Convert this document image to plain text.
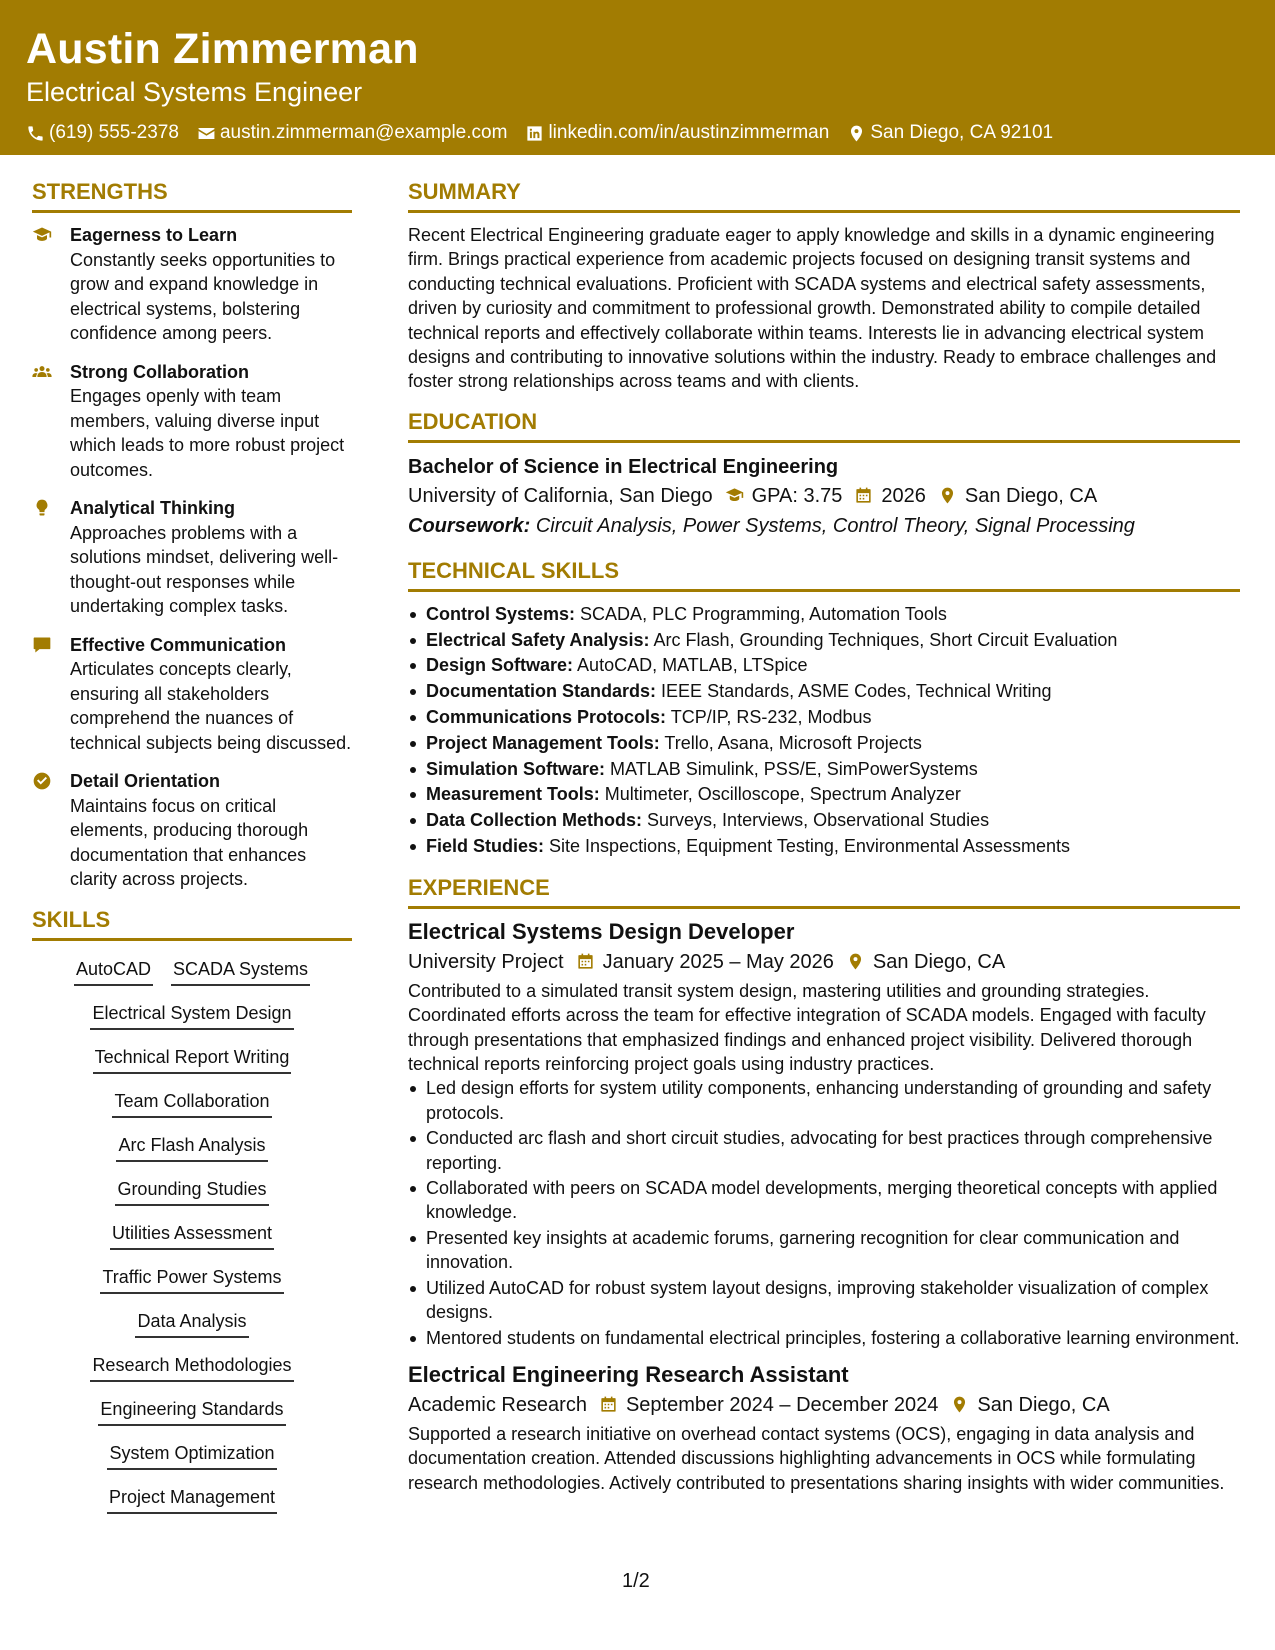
Austin Zimmerman
Electrical Systems Engineer
(619) 555-2378 austin.zimmerman@example.com linkedin.com/in/austinzimmerman San Diego, CA 92101
STRENGTHS
Eagerness to Learn
Constantly seeks opportunities to grow and expand knowledge in electrical systems, bolstering confidence among peers.
Strong Collaboration
Engages openly with team members, valuing diverse input which leads to more robust project outcomes.
Analytical Thinking
Approaches problems with a solutions mindset, delivering well-thought-out responses while undertaking complex tasks.
Effective Communication
Articulates concepts clearly, ensuring all stakeholders comprehend the nuances of technical subjects being discussed.
Detail Orientation
Maintains focus on critical elements, producing thorough documentation that enhances clarity across projects.
SKILLS
AutoCAD SCADA Systems
Electrical System Design
Technical Report Writing
Team Collaboration
Arc Flash Analysis
Grounding Studies
Utilities Assessment
Traffic Power Systems
Data Analysis
Research Methodologies
Engineering Standards
System Optimization
Project Management
SUMMARY
Recent Electrical Engineering graduate eager to apply knowledge and skills in a dynamic engineering firm. Brings practical experience from academic projects focused on designing transit systems and conducting technical evaluations. Proficient with SCADA systems and electrical safety assessments, driven by curiosity and commitment to professional growth. Demonstrated ability to compile detailed technical reports and effectively collaborate within teams. Interests lie in advancing electrical system designs and contributing to innovative solutions within the industry. Ready to embrace challenges and foster strong relationships across teams and with clients.
EDUCATION
Bachelor of Science in Electrical Engineering
University of California, San Diego GPA: 3.75 2026 San Diego, CA
Coursework: Circuit Analysis, Power Systems, Control Theory, Signal Processing
TECHNICAL SKILLS
Control Systems: SCADA, PLC Programming, Automation Tools
Electrical Safety Analysis: Arc Flash, Grounding Techniques, Short Circuit Evaluation
Design Software: AutoCAD, MATLAB, LTSpice
Documentation Standards: IEEE Standards, ASME Codes, Technical Writing
Communications Protocols: TCP/IP, RS-232, Modbus
Project Management Tools: Trello, Asana, Microsoft Projects
Simulation Software: MATLAB Simulink, PSS/E, SimPowerSystems
Measurement Tools: Multimeter, Oscilloscope, Spectrum Analyzer
Data Collection Methods: Surveys, Interviews, Observational Studies
Field Studies: Site Inspections, Equipment Testing, Environmental Assessments
EXPERIENCE
Electrical Systems Design Developer
University Project January 2025 – May 2026 San Diego, CA
Contributed to a simulated transit system design, mastering utilities and grounding strategies. Coordinated efforts across the team for effective integration of SCADA models. Engaged with faculty through presentations that emphasized findings and enhanced project visibility. Delivered thorough technical reports reinforcing project goals using industry practices.
Led design efforts for system utility components, enhancing understanding of grounding and safety protocols.
Conducted arc flash and short circuit studies, advocating for best practices through comprehensive reporting.
Collaborated with peers on SCADA model developments, merging theoretical concepts with applied knowledge.
Presented key insights at academic forums, garnering recognition for clear communication and innovation.
Utilized AutoCAD for robust system layout designs, improving stakeholder visualization of complex designs.
Mentored students on fundamental electrical principles, fostering a collaborative learning environment.
Electrical Engineering Research Assistant
Academic Research September 2024 – December 2024 San Diego, CA
Supported a research initiative on overhead contact systems (OCS), engaging in data analysis and documentation creation. Attended discussions highlighting advancements in OCS while formulating research methodologies. Actively contributed to presentations sharing insights with wider communities.
1/2
